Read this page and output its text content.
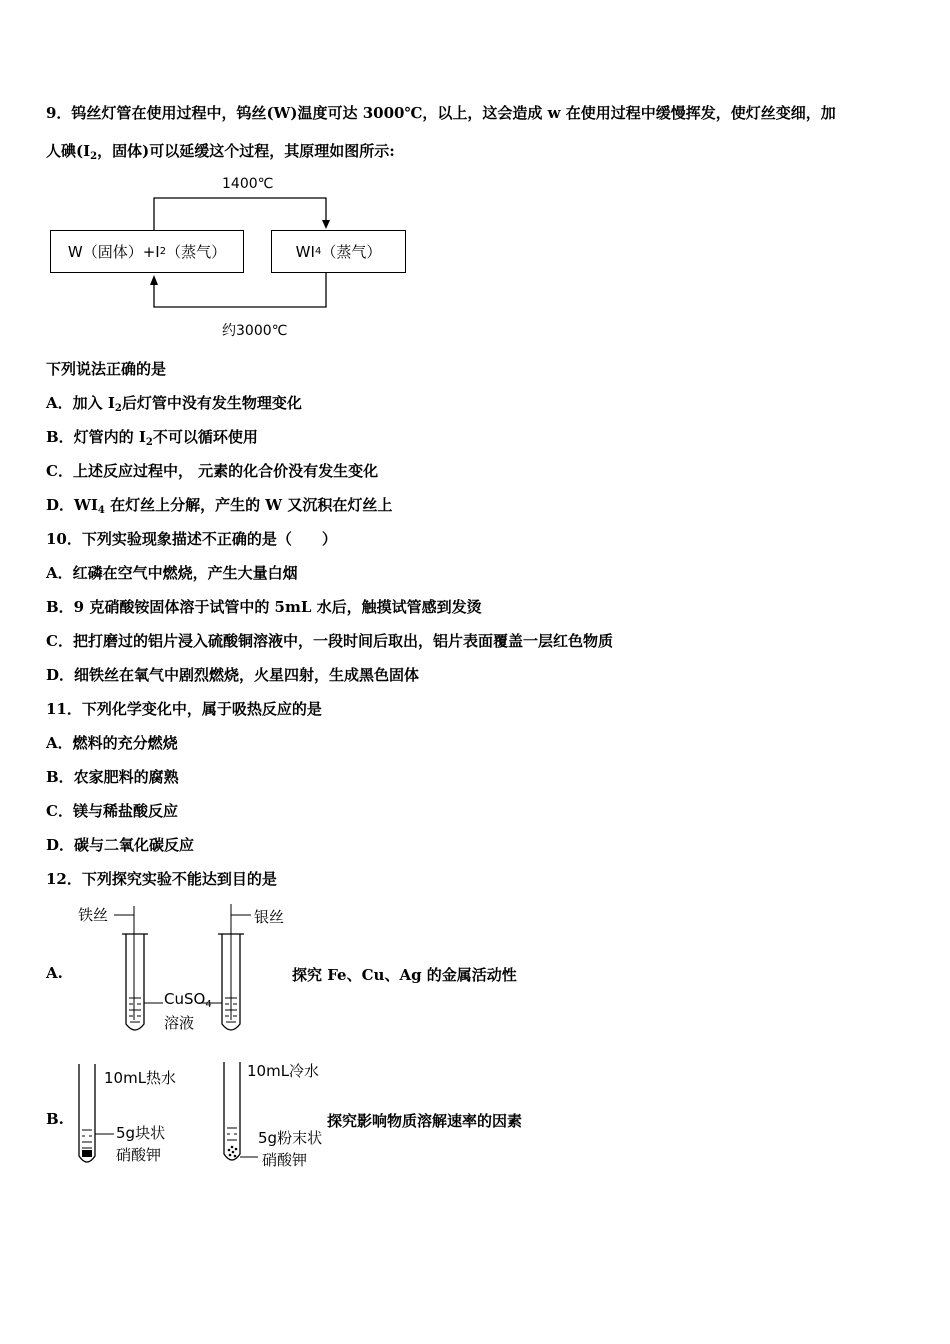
9．钨丝灯管在使用过程中，钨丝(W)温度可达 3000℃，以上，这会造成 w 在使用过程中缓慢挥发，使灯丝变细，加
人碘($I_2$，固体)可以延缓这个过程，其原理如图所示:
1400℃
约3000℃
W（固体）+I 2 （蒸气）	WI 4 （蒸气）
下列说法正确的是
A．加入 $I_2$后灯管中没有发生物理变化
B．灯管内的 $I_2$不可以循环使用
C．上述反应过程中， 元素的化合价没有发生变化
D．$WI_4$ 在灯丝上分解，产生的 W 又沉积在灯丝上
10．下列实验现象描述不正确的是（　　）
A．红磷在空气中燃烧，产生大量白烟
B．9 克硝酸铵固体溶于试管中的 5mL 水后，触摸试管感到发烫
C．把打磨过的铝片浸入硫酸铜溶液中，一段时间后取出，铝片表面覆盖一层红色物质
D．细铁丝在氧气中剧烈燃烧，火星四射，生成黑色固体
11．下列化学变化中，属于吸热反应的是
A．燃料的充分燃烧
B．农家肥料的腐熟
C．镁与稀盐酸反应
D．碳与二氧化碳反应
12．下列探究实验不能达到目的是
A.	探究 Fe、Cu、Ag 的金属活动性
铁丝	银丝
CuSO$_4$
溶液
B.	探究影响物质溶解速率的因素
10mL热水	10mL冷水
5g块状
硝酸钾
5g粉末状
硝酸钾
